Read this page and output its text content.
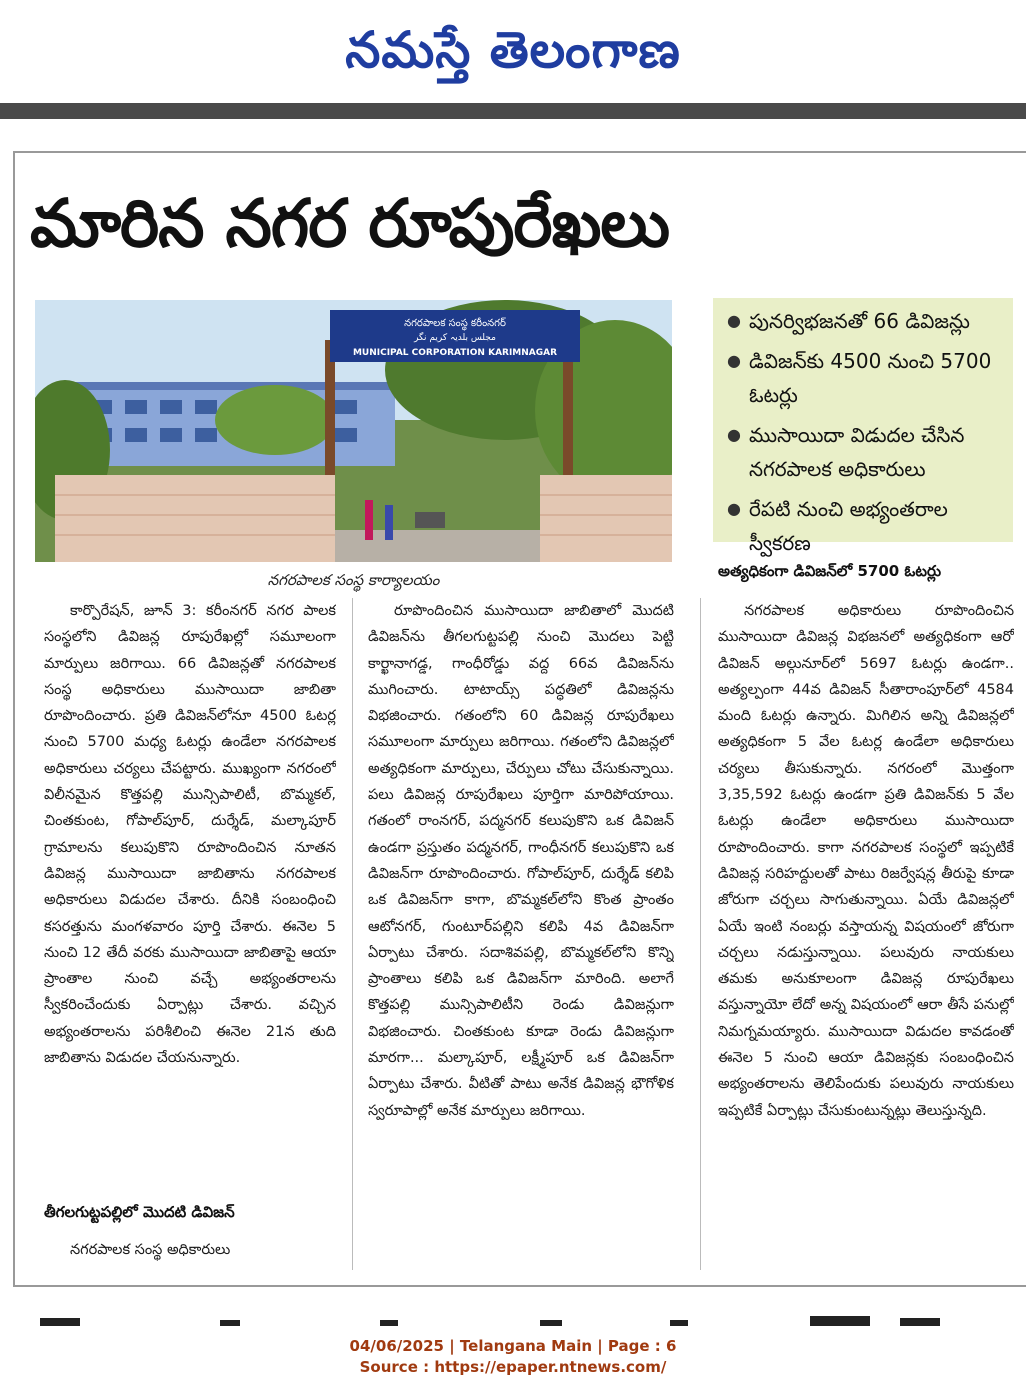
నమస్తే తెలంగాణ
మారిన నగర రూపురేఖలు
నగరపాలక సంస్థ కరీంనగర్
مجلس بلدیہ کریم نگر
MUNICIPAL CORPORATION KARIMNAGAR
నగరపాలక సంస్థ కార్యాలయం
● పునర్విభజనతో 66 డివిజన్లు
● డివిజన్‌కు 4500 నుంచి 5700 ఓటర్లు
● ముసాయిదా విడుదల చేసిన నగరపాలక అధికారులు
● రేపటి నుంచి అభ్యంతరాల స్వీకరణ
అత్యధికంగా డివిజన్‌లో 5700 ఓటర్లు

కార్పొరేషన్, జూన్ 3: కరీంనగర్ నగర పాలక సంస్థలోని డివిజన్ల రూపురేఖల్లో సమూలంగా మార్పులు జరిగాయి. 66 డివిజన్లతో నగరపాలక సంస్థ అధికారులు ముసాయిదా జాబితా రూపొందించారు. ప్రతి డివిజన్‌లోనూ 4500 ఓటర్ల నుంచి 5700 మధ్య ఓటర్లు ఉండేలా నగరపాలక అధికారులు చర్యలు చేపట్టారు. ముఖ్యంగా నగరంలో విలీనమైన కొత్తపల్లి మున్సిపాలిటీ, బొమ్మకల్, చింతకుంట, గోపాల్‌పూర్, దుర్శేడ్, మల్కాపూర్ గ్రామాలను కలుపుకొని రూపొందించిన నూతన డివిజన్ల ముసాయిదా జాబితాను నగరపాలక అధికారులు విడుదల చేశారు. దీనికి సంబంధించి కసరత్తును మంగళవారం పూర్తి చేశారు. ఈనెల 5 నుంచి 12 తేదీ వరకు ముసాయిదా జాబితాపై ఆయా ప్రాంతాల నుంచి వచ్చే అభ్యంతరాలను స్వీకరించేందుకు ఏర్పాట్లు చేశారు. వచ్చిన అభ్యంతరాలను పరిశీలించి ఈనెల 21న తుది జాబితాను విడుదల చేయనున్నారు.

తీగలగుట్టపల్లిలో మొదటి డివిజన్

నగరపాలక సంస్థ అధికారులు

రూపొందించిన ముసాయిదా జాబితాలో మొదటి డివిజన్‌ను తీగలగుట్టపల్లి నుంచి మొదలు పెట్టి కార్ఖానాగడ్డ, గాంధీరోడ్డు వద్ద 66వ డివిజన్‌ను ముగించారు. టాటాయ్స్ పద్ధతిలో డివిజన్లను విభజించారు. గతంలోని 60 డివిజన్ల రూపురేఖలు సమూలంగా మార్పులు జరిగాయి. గతంలోని డివిజన్లలో అత్యధికంగా మార్పులు, చేర్పులు చోటు చేసుకున్నాయి. పలు డివిజన్ల రూపురేఖలు పూర్తిగా మారిపోయాయి. గతంలో రాంనగర్, పద్మనగర్ కలుపుకొని ఒక డివిజన్ ఉండగా ప్రస్తుతం పద్మనగర్, గాంధీనగర్ కలుపుకొని ఒక డివిజన్‌గా రూపొందించారు. గోపాల్‌పూర్, దుర్శేడ్ కలిపి ఒక డివిజన్‌గా కాగా, బొమ్మకల్‌లోని కొంత ప్రాంతం ఆటోనగర్, గుంటూర్‌పల్లిని కలిపి 4వ డివిజన్‌గా ఏర్పాటు చేశారు. సదాశివపల్లి, బొమ్మకల్‌లోని కొన్ని ప్రాంతాలు కలిపి ఒక డివిజన్‌గా మారింది. అలాగే కొత్తపల్లి మున్సిపాలిటీని రెండు డివిజన్లుగా విభజించారు. చింతకుంట కూడా రెండు డివిజన్లుగా మారగా... మల్కాపూర్, లక్ష్మీపూర్ ఒక డివిజన్‌గా ఏర్పాటు చేశారు. వీటితో పాటు అనేక డివిజన్ల భౌగోళిక స్వరూపాల్లో అనేక మార్పులు జరిగాయి.

నగరపాలక అధికారులు రూపొందించిన ముసాయిదా డివిజన్ల విభజనలో అత్యధికంగా ఆరో డివిజన్ అల్గునూర్‌లో 5697 ఓటర్లు ఉండగా.. అత్యల్పంగా 44వ డివిజన్ సీతారాంపూర్‌లో 4584 మంది ఓటర్లు ఉన్నారు. మిగిలిన అన్ని డివిజన్లలో అత్యధికంగా 5 వేల ఓటర్ల ఉండేలా అధికారులు చర్యలు తీసుకున్నారు. నగరంలో మొత్తంగా 3,35,592 ఓటర్లు ఉండగా ప్రతి డివిజన్‌కు 5 వేల ఓటర్లు ఉండేలా అధికారులు ముసాయిదా రూపొందించారు. కాగా నగరపాలక సంస్థలో ఇప్పటికే డివిజన్ల సరిహద్దులతో పాటు రిజర్వేషన్ల తీరుపై కూడా జోరుగా చర్చలు సాగుతున్నాయి. ఏయే డివిజన్లలో ఏయే ఇంటి నంబర్లు వస్తాయన్న విషయంలో జోరుగా చర్చలు నడుస్తున్నాయి. పలువురు నాయకులు తమకు అనుకూలంగా డివిజన్ల రూపురేఖలు వస్తున్నాయో లేదో అన్న విషయంలో ఆరా తీసే పనుల్లో నిమగ్నమయ్యారు. ముసాయిదా విడుదల కావడంతో ఈనెల 5 నుంచి ఆయా డివిజన్లకు సంబంధించిన అభ్యంతరాలను తెలిపేందుకు పలువురు నాయకులు ఇప్పటికే ఏర్పాట్లు చేసుకుంటున్నట్లు తెలుస్తున్నది.

04/06/2025 | Telangana Main | Page : 6
Source : https://epaper.ntnews.com/
